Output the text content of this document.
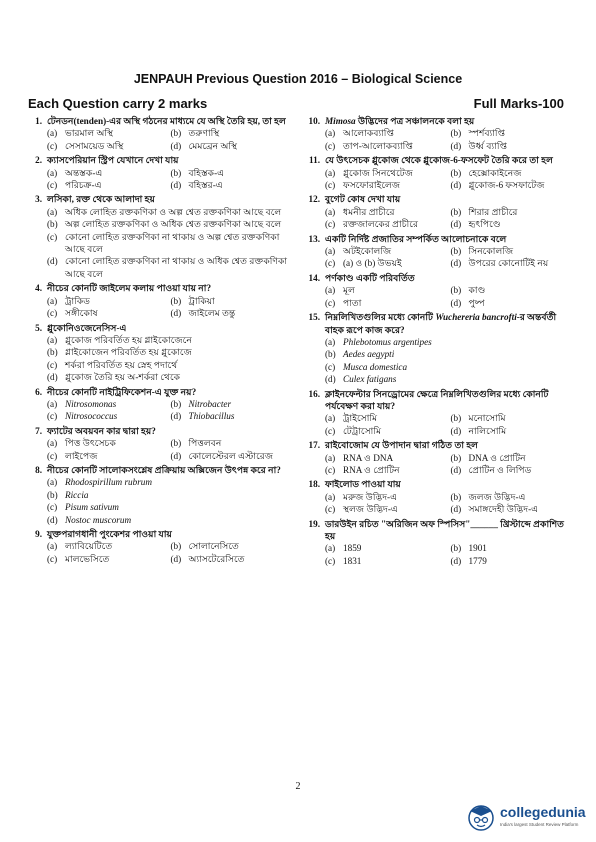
JENPAUH Previous Question 2016 – Biological Science
Each Question carry 2 marks	Full Marks-100
1. টেনডন(tenden)-এর অস্থি গঠনের মাধ্যমে যে অস্থি তৈরি হয়, তা হল
(a) ভারমাল অস্থি	(b) তরুণাস্থি
(c) সেসাময়েড অস্থি	(d) মেমব্রেন অস্থি
2. ক্যাসপেরিয়ান স্ট্রিপ যেখানে দেখা যায়
(a) অন্তস্তক-এ	(b) বহিস্তক-এ
(c) পরিচক্র-এ	(d) বহিস্তর-এ
3. লসিকা, রক্ত থেকে আলাদা হয়
(a) অধিক লোহিত রক্তকণিকা ও অল্প শ্বেত রক্তকণিকা আছে বলে
(b) অল্প লোহিত রক্তকণিকা ও অধিক শ্বেত রক্তকণিকা আছে বলে
(c) কোনো লোহিত রক্তকণিকা না থাকায় ও অল্প শ্বেত রক্তকণিকা আছে বলে
(d) কোনো লোহিত রক্তকণিকা না থাকায় ও অধিক শ্বেত রক্তকণিকা আছে বলে
4. নীচের কোনটি জাইলেম কলায় পাওয়া যায় না?
(a) ট্রাকিড	(b) ট্রাকিয়া
(c) সঙ্গীকোষ	(d) জাইলেম তন্তু
5. গ্লুকোনিওজেনেসিস-এ
(a) গ্লুকোজ পরিবর্তিত হয় গ্লাইকোজেনে
(b) গ্লাইকোজেন পরিবর্তিত হয় গ্লুকোজে
(c) শর্করা পরিবর্তিত হয় স্নেহ পদার্থে
(d) গ্লুকোজ তৈরি হয় অ-শর্করা থেকে
6. নীচের কোনটি নাইট্রিফিকেশন-এ যুক্ত নয়?
(a) Nitrosomonas	(b) Nitrobacter
(c) Nitrosococcus	(d) Thiobacillus
7. ফ্যাটের অবয়বন কার দ্বারা হয়?
(a) পিত্ত উৎসেচক	(b) পিত্তলবন
(c) লাইপেজ	(d) কোলেস্টেরল এস্টারেজ
8. নীচের কোনটি সালোকসংশ্লেষ প্রক্রিয়ায় অক্সিজেন উৎপন্ন করে না?
(a) Rhodospirillum rubrum
(b) Riccia
(c) Pisum sativum
(d) Nostoc muscorum
9. যুক্তপরাগধানী পুংকেশর পাওয়া যায়
(a) ল্যাবিয়েটিতে	(b) সোলানেসিতে
(c) মালভেসিতে	(d) অ্যাসটেরেসিতে
10. Mimosa উদ্ভিদের পত্র সঞ্চালনকে বলা হয়
(a) আলোকব্যাপ্তি	(b) স্পর্শব্যাপ্তি
(c) তাপ-আলোকব্যাপ্তি	(d) উর্ধ্ব ব্যাপ্তি
11. যে উৎসেচক গ্লুকোজ থেকে গ্লুকোজ-6-ফসফেট তৈরি করে তা হল
(a) গ্লুকোজ সিনথেটেজ	(b) হেক্সোকাইনেজ
(c) ফসফোরাইলেজ	(d) গ্লুকোজ-6 ফসফাটেজ
12. বুগেট কোষ দেখা যায়
(a) ধমনীর প্রাচীরে	(b) শিরার প্রাচীরে
(c) রক্তজালকের প্রাচীরে	(d) হৃৎপিণ্ডে
13. একটি নির্দিষ্ট প্রজাতির সম্পর্কিত আলোচনাকে বলে
(a) অটইকোলজি	(b) সিনকোলজি
(c) (a) ও (b) উভয়ই	(d) উপরের কোনোটিই নয়
14. পর্ণকাণ্ড একটি পরিবর্তিত
(a) মূল	(b) কাণ্ড
(c) পাতা	(d) পুষ্প
15. নিম্নলিখিতগুলির মধ্যে কোনটি Wuchereria bancrofti-র অন্তর্বর্তী বাহক রূপে কাজ করে?
(a) Phlebotomus argentipes
(b) Aedes aegypti
(c) Musca domestica
(d) Culex fatigans
16. ক্লাইনফেল্টার সিনড্রোমের ক্ষেত্রে নিম্নলিখিতগুলির মধ্যে কোনটি পর্যবেক্ষণ করা যায়?
(a) ট্রাইসোমি	(b) মনোসোমি
(c) টেট্রাসোমি	(d) নালিসোমি
17. রাইবোজোম যে উপাদান দ্বারা গঠিত তা হল
(a) RNA ও DNA	(b) DNA ও প্রোটিন
(c) RNA ও প্রোটিন	(d) প্রোটিন ও লিপিড
18. ফাইলোড পাওয়া যায়
(a) মরুজ উদ্ভিদ-এ	(b) জলজ উদ্ভিদ-এ
(c) স্থলজ উদ্ভিদ-এ	(d) সমাঙ্গদেহী উদ্ভিদ-এ
19. ডারউইন রচিত "অরিজিন অফ স্পিসিস"______ খ্রিস্টাব্দে প্রকাশিত হয়
(a) 1859	(b) 1901
(c) 1831	(d) 1779
2
collegedunia
India's largest Student Review Platform
